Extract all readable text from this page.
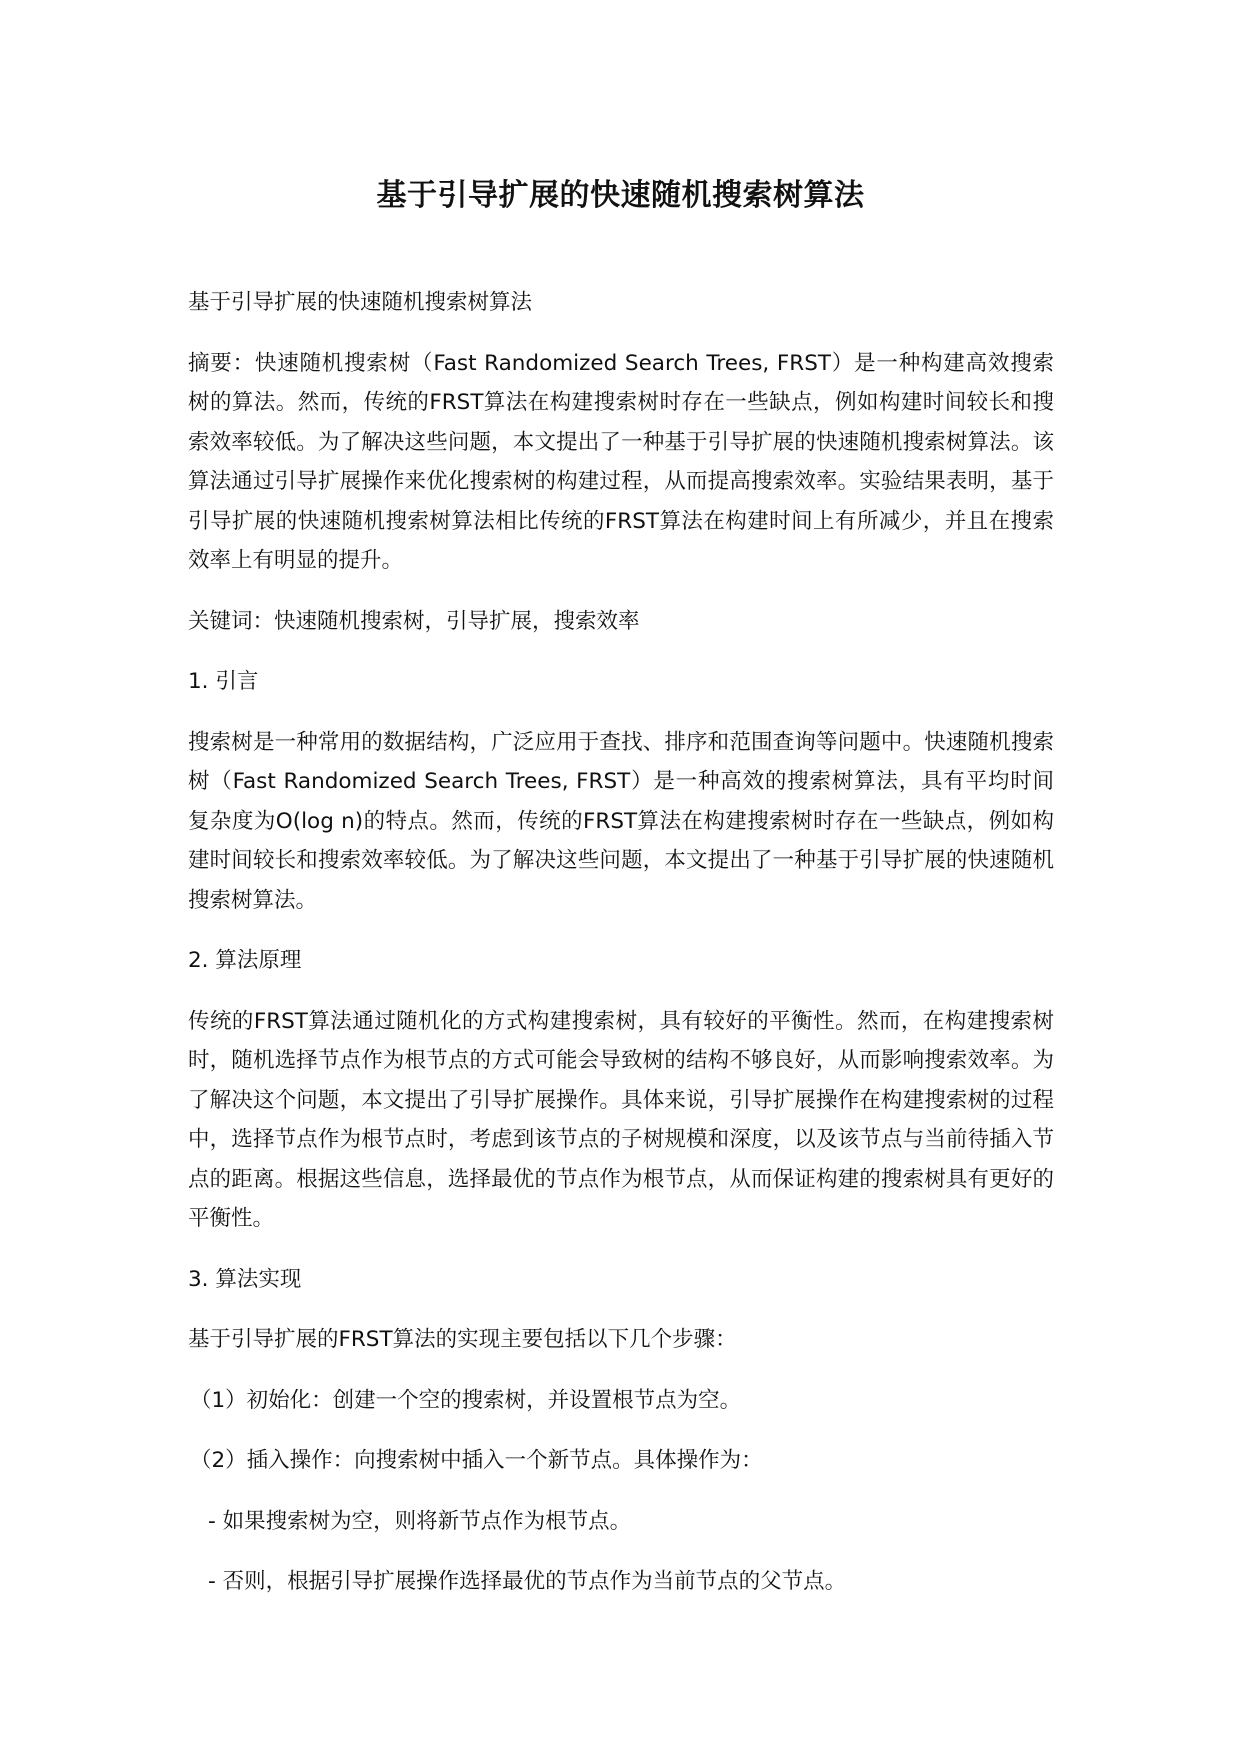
基于引导扩展的快速随机搜索树算法

基于引导扩展的快速随机搜索树算法

摘要：快速随机搜索树（Fast Randomized Search Trees, FRST）是一种构建高效搜索树的算法。然而，传统的FRST算法在构建搜索树时存在一些缺点，例如构建时间较长和搜索效率较低。为了解决这些问题，本文提出了一种基于引导扩展的快速随机搜索树算法。该算法通过引导扩展操作来优化搜索树的构建过程，从而提高搜索效率。实验结果表明，基于引导扩展的快速随机搜索树算法相比传统的FRST算法在构建时间上有所减少，并且在搜索效率上有明显的提升。

关键词：快速随机搜索树，引导扩展，搜索效率

1. 引言

搜索树是一种常用的数据结构，广泛应用于查找、排序和范围查询等问题中。快速随机搜索树（Fast Randomized Search Trees, FRST）是一种高效的搜索树算法，具有平均时间复杂度为O(log n)的特点。然而，传统的FRST算法在构建搜索树时存在一些缺点，例如构建时间较长和搜索效率较低。为了解决这些问题，本文提出了一种基于引导扩展的快速随机搜索树算法。

2. 算法原理

传统的FRST算法通过随机化的方式构建搜索树，具有较好的平衡性。然而，在构建搜索树时，随机选择节点作为根节点的方式可能会导致树的结构不够良好，从而影响搜索效率。为了解决这个问题，本文提出了引导扩展操作。具体来说，引导扩展操作在构建搜索树的过程中，选择节点作为根节点时，考虑到该节点的子树规模和深度，以及该节点与当前待插入节点的距离。根据这些信息，选择最优的节点作为根节点，从而保证构建的搜索树具有更好的平衡性。

3. 算法实现

基于引导扩展的FRST算法的实现主要包括以下几个步骤：

（1）初始化：创建一个空的搜索树，并设置根节点为空。

（2）插入操作：向搜索树中插入一个新节点。具体操作为：

- 如果搜索树为空，则将新节点作为根节点。

- 否则，根据引导扩展操作选择最优的节点作为当前节点的父节点。
